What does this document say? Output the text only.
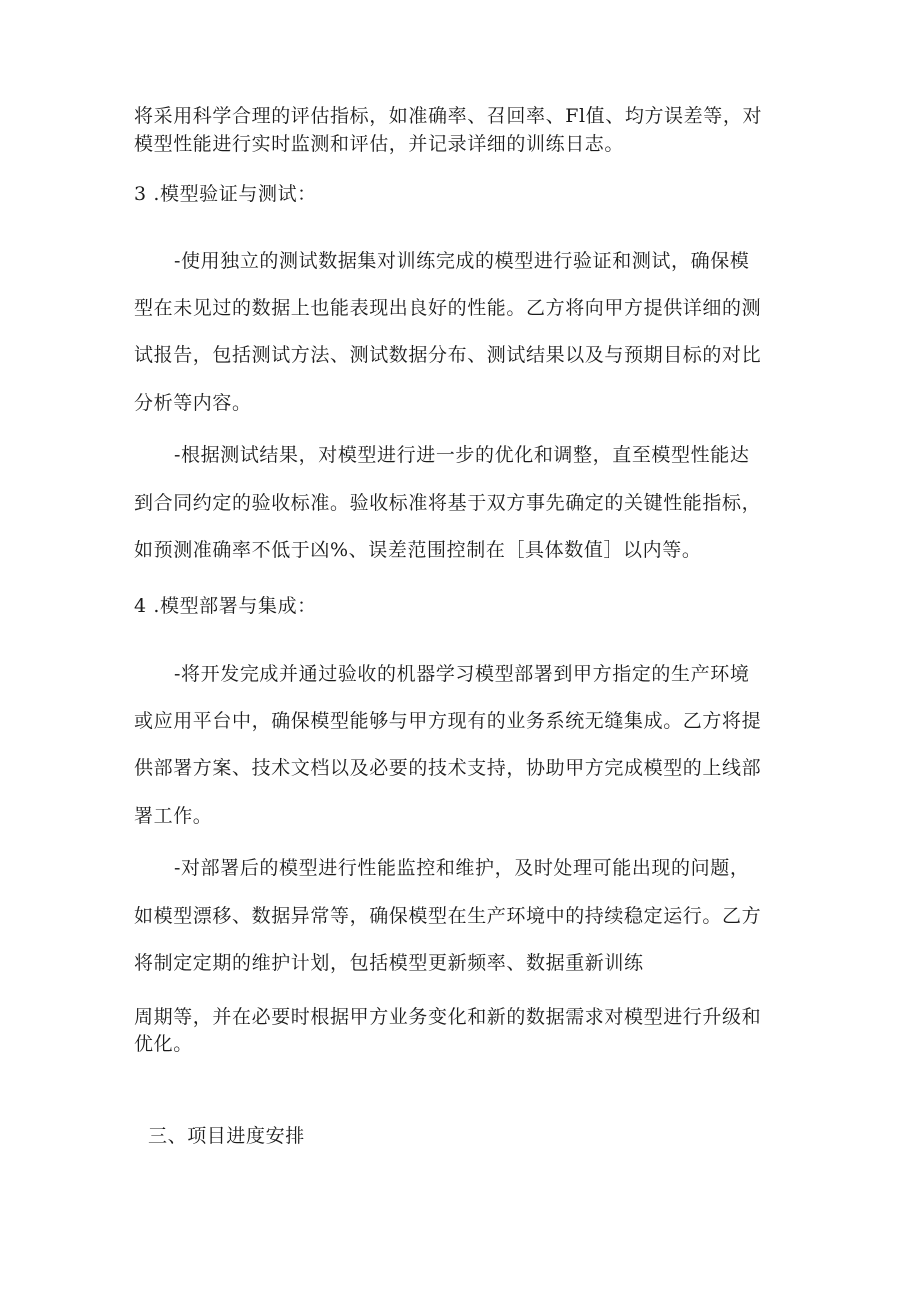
将采用科学合理的评估指标，如准确率、召回率、Fl值、均方误差等，对
模型性能进行实时监测和评估，并记录详细的训练日志。
3 .模型验证与测试：
-使用独立的测试数据集对训练完成的模型进行验证和测试，确保模
型在未见过的数据上也能表现出良好的性能。乙方将向甲方提供详细的测
试报告，包括测试方法、测试数据分布、测试结果以及与预期目标的对比
分析等内容。
-根据测试结果，对模型进行进一步的优化和调整，直至模型性能达
到合同约定的验收标准。验收标准将基于双方事先确定的关键性能指标，
如预测准确率不低于凶%、误差范围控制在［具体数值］以内等。
4 .模型部署与集成：
-将开发完成并通过验收的机器学习模型部署到甲方指定的生产环境
或应用平台中，确保模型能够与甲方现有的业务系统无缝集成。乙方将提
供部署方案、技术文档以及必要的技术支持，协助甲方完成模型的上线部
署工作。
-对部署后的模型进行性能监控和维护，及时处理可能出现的问题，
如模型漂移、数据异常等，确保模型在生产环境中的持续稳定运行。乙方
将制定定期的维护计划，包括模型更新频率、数据重新训练
周期等，并在必要时根据甲方业务变化和新的数据需求对模型进行升级和
优化。
三、项目进度安排
